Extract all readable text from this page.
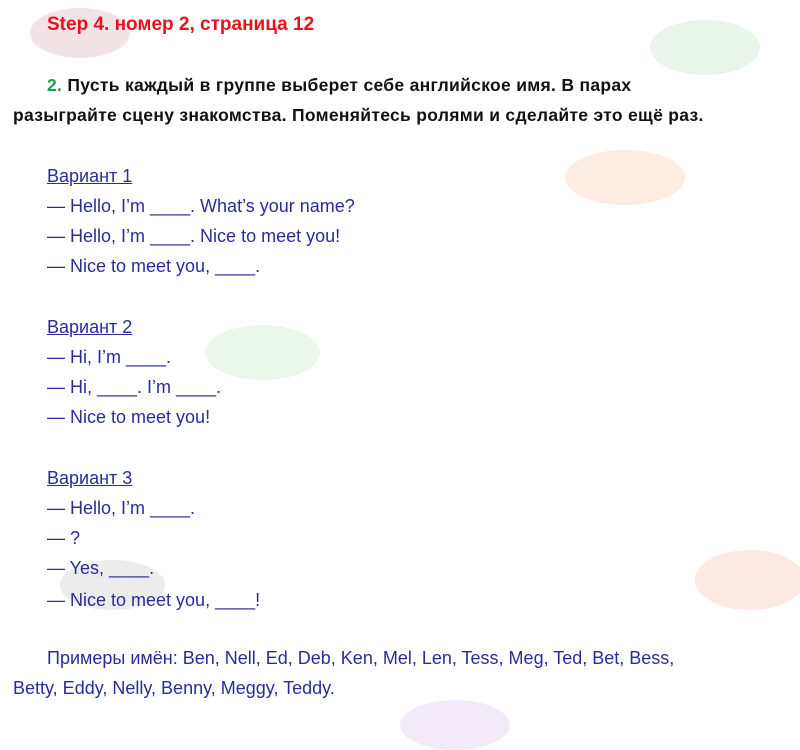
Step 4. номер 2, страница 12
2. Пусть каждый в группе выберет себе английское имя. В парах
разыграйте сцену знакомства. Поменяйтесь ролями и сделайте это ещё раз.
Вариант 1
— Hello, I’m ____. What’s your name?
— Hello, I’m ____. Nice to meet you!
— Nice to meet you, ____.
Вариант 2
— Hi, I’m ____.
— Hi, ____. I’m ____.
— Nice to meet you!
Вариант 3
— Hello, I’m ____.
— ?
— Yes, ____.
— Nice to meet you, ____!
Примеры имён: Ben, Nell, Ed, Deb, Ken, Mel, Len, Tess, Meg, Ted, Bet, Bess,
Betty, Eddy, Nelly, Benny, Meggy, Teddy.
